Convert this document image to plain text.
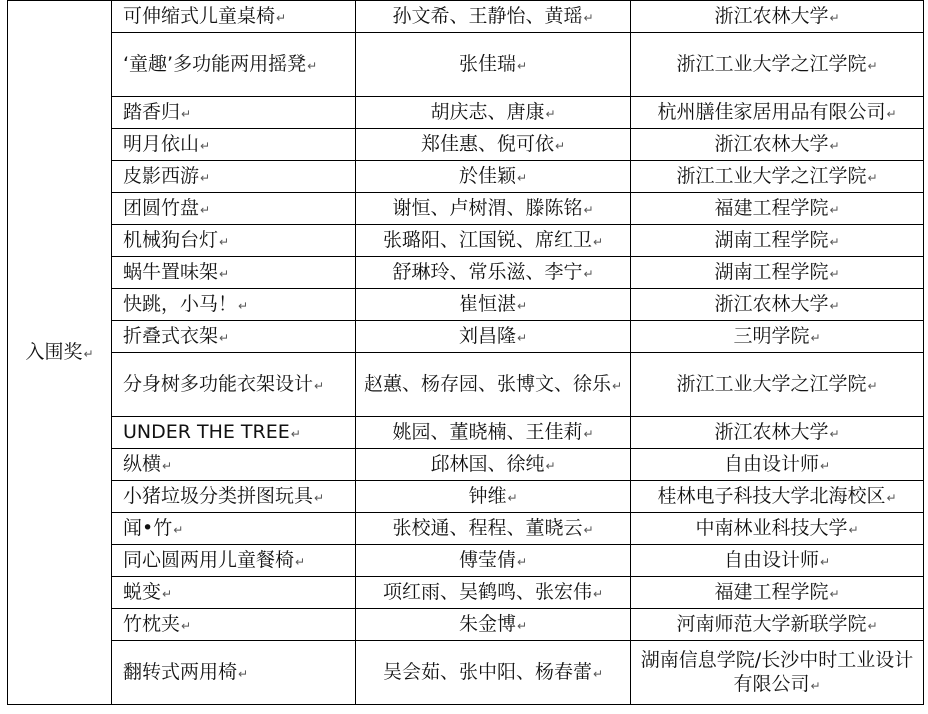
入围奖↵	可伸缩式儿童桌椅↵	孙文希、王静怡、黄瑶↵	浙江农林大学↵
	‘童趣’多功能两用摇凳↵	张佳瑞↵	浙江工业大学之江学院↵
	踏香归↵	胡庆志、唐康↵	杭州膳佳家居用品有限公司↵
	明月依山↵	郑佳惠、倪可依↵	浙江农林大学↵
	皮影西游↵	於佳颖↵	浙江工业大学之江学院↵
	团圆竹盘↵	谢恒、卢树渭、滕陈铭↵	福建工程学院↵
	机械狗台灯↵	张璐阳、江国锐、席红卫↵	湖南工程学院↵
	蜗牛置味架↵	舒琳玲、常乐滋、李宁↵	湖南工程学院↵
	快跳，小马！↵	崔恒湛↵	浙江农林大学↵
	折叠式衣架↵	刘昌隆↵	三明学院↵
	分身树多功能衣架设计↵	赵蕙、杨存园、张博文、徐乐↵	浙江工业大学之江学院↵
	UNDER THE TREE↵	姚园、董晓楠、王佳莉↵	浙江农林大学↵
	纵横↵	邱林国、徐纯↵	自由设计师↵
	小猪垃圾分类拼图玩具↵	钟维↵	桂林电子科技大学北海校区↵
	闻•竹↵	张校通、程程、董晓云↵	中南林业科技大学↵
	同心圆两用儿童餐椅↵	傅莹倩↵	自由设计师↵
	蜕变↵	项红雨、吴鹤鸣、张宏伟↵	福建工程学院↵
	竹枕夹↵	朱金博↵	河南师范大学新联学院↵
	翻转式两用椅↵	吴会茹、张中阳、杨春蕾↵	湖南信息学院/长沙中时工业设计有限公司↵
